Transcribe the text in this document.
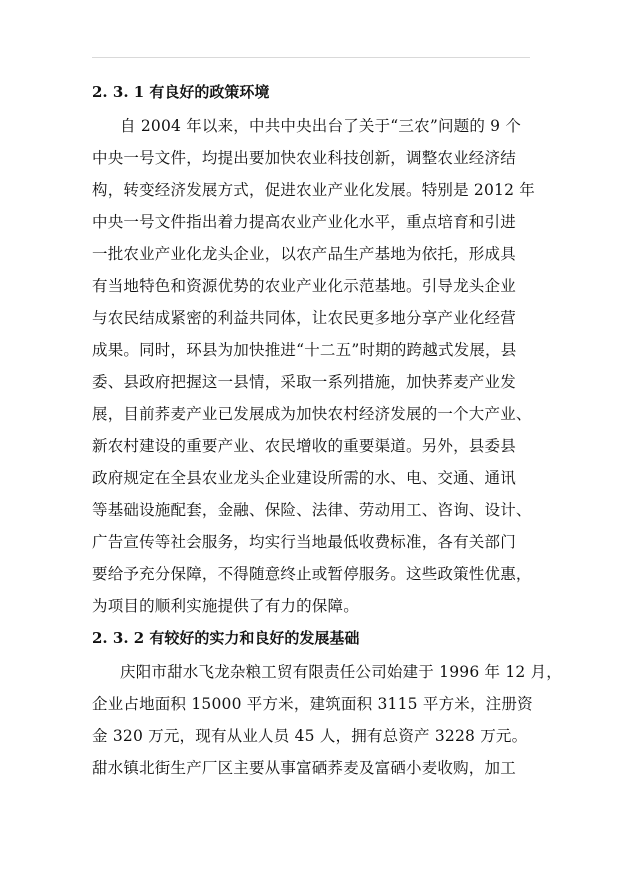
2. 3. 1 有良好的政策环境

自 2004 年以来，中共中央出台了关于“三农”问题的 9 个

中央一号文件，均提出要加快农业科技创新，调整农业经济结

构，转变经济发展方式，促进农业产业化发展。特别是 2012 年

中央一号文件指出着力提高农业产业化水平，重点培育和引进

一批农业产业化龙头企业，以农产品生产基地为依托，形成具

有当地特色和资源优势的农业产业化示范基地。引导龙头企业

与农民结成紧密的利益共同体，让农民更多地分享产业化经营

成果。同时，环县为加快推进“十二五”时期的跨越式发展，县

委、县政府把握这一县情，采取一系列措施，加快荞麦产业发

展，目前荞麦产业已发展成为加快农村经济发展的一个大产业、

新农村建设的重要产业、农民增收的重要渠道。另外，县委县

政府规定在全县农业龙头企业建设所需的水、电、交通、通讯

等基础设施配套，金融、保险、法律、劳动用工、咨询、设计、

广告宣传等社会服务，均实行当地最低收费标准，各有关部门

要给予充分保障，不得随意终止或暂停服务。这些政策性优惠，

为项目的顺利实施提供了有力的保障。

2. 3. 2 有较好的实力和良好的发展基础

庆阳市甜水飞龙杂粮工贸有限责任公司始建于 1996 年 12 月，

企业占地面积 15000 平方米，建筑面积 3115 平方米，注册资

金 320 万元，现有从业人员 45 人，拥有总资产 3228 万元。

甜水镇北街生产厂区主要从事富硒荞麦及富硒小麦收购，加工
